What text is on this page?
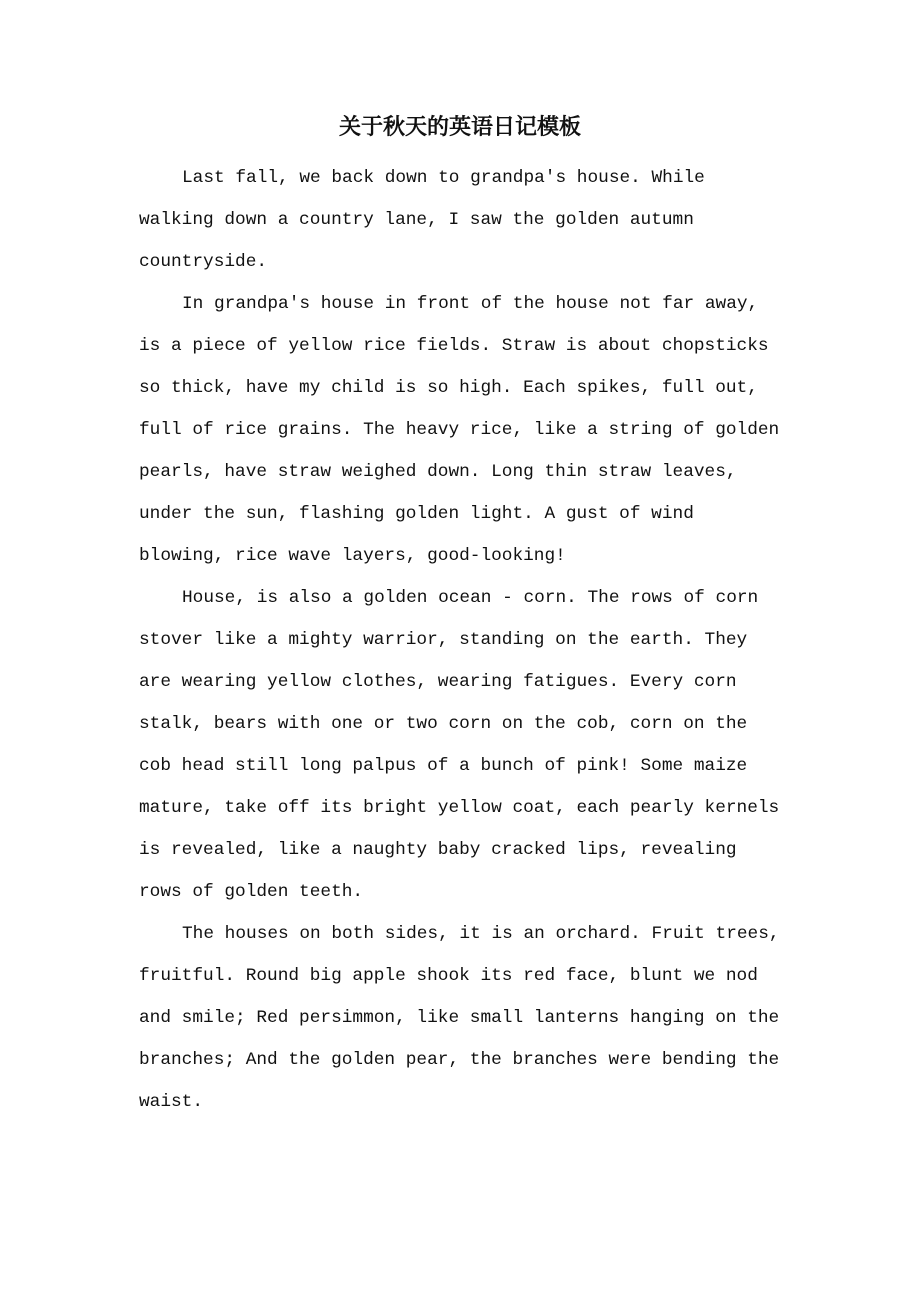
关于秋天的英语日记模板

Last fall, we back down to grandpa's house. While walking down a country lane, I saw the golden autumn countryside.

In grandpa's house in front of the house not far away, is a piece of yellow rice fields. Straw is about chopsticks so thick, have my child is so high. Each spikes, full out, full of rice grains. The heavy rice, like a string of golden pearls, have straw weighed down. Long thin straw leaves, under the sun, flashing golden light. A gust of wind blowing, rice wave layers, good-looking!

House, is also a golden ocean - corn. The rows of corn stover like a mighty warrior, standing on the earth. They are wearing yellow clothes, wearing fatigues. Every corn stalk, bears with one or two corn on the cob, corn on the cob head still long palpus of a bunch of pink! Some maize mature, take off its bright yellow coat, each pearly kernels is revealed, like a naughty baby cracked lips, revealing rows of golden teeth.

The houses on both sides, it is an orchard. Fruit trees, fruitful. Round big apple shook its red face, blunt we nod and smile; Red persimmon, like small lanterns hanging on the branches; And the golden pear, the branches were bending the waist.
